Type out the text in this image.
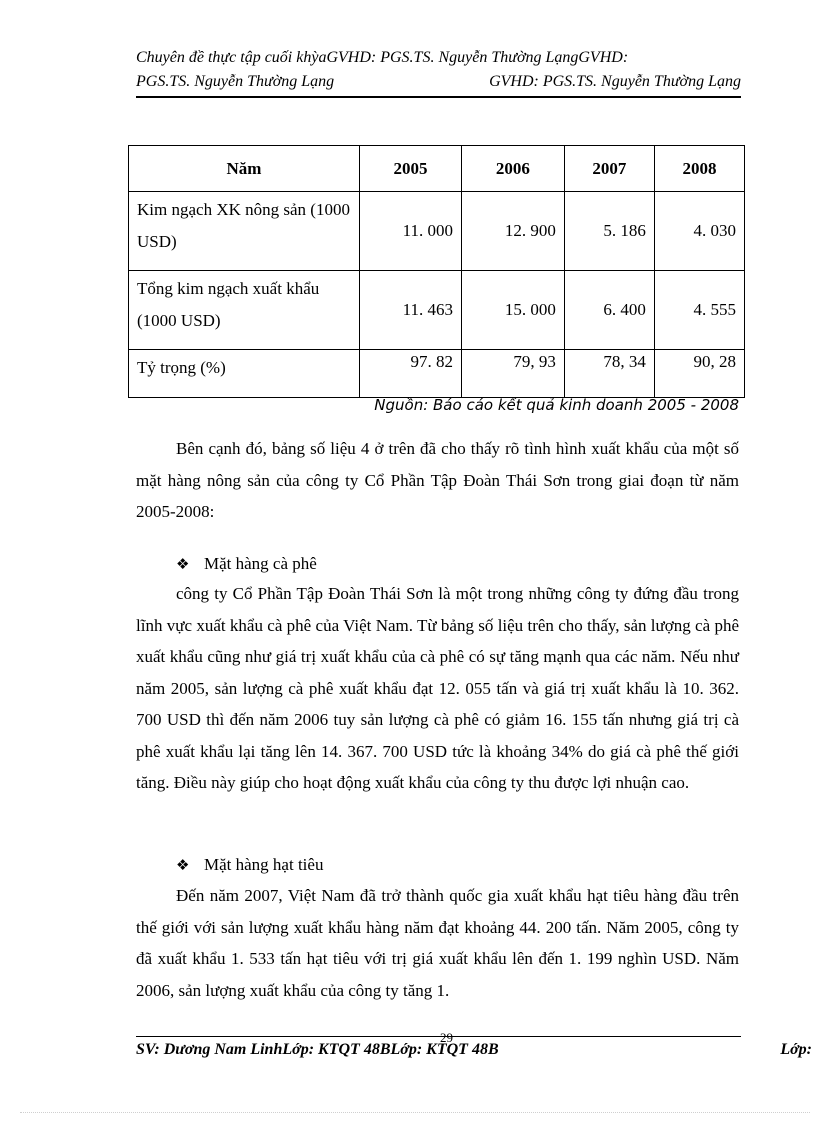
Chuyên đề thực tập cuối khỳaGVHD: PGS.TS. Nguyễn Thường LạngGVHD:
PGS.TS. Nguyễn Thường Lạng	GVHD: PGS.TS. Nguyễn Thường Lạng
Năm	2005	2006	2007	2008
Kim ngạch XK nông sản (1000 USD)	11. 000	12. 900	5. 186	4. 030
Tổng kim ngạch xuất khẩu (1000 USD)	11. 463	15. 000	6. 400	4. 555
Tỷ trọng (%)	97. 82	79, 93	78, 34	90, 28
Nguồn: Báo cáo kết quả kinh doanh 2005 - 2008
Bên cạnh đó, bảng số liệu 4 ở trên đã cho thấy rõ tình hình xuất khẩu của một số mặt hàng nông sản của công ty Cổ Phần Tập Đoàn Thái Sơn trong giai đoạn từ năm 2005-2008:
❖ Mặt hàng cà phê
công ty Cổ Phần Tập Đoàn Thái Sơn là một trong những công ty đứng đầu trong lĩnh vực xuất khẩu cà phê của Việt Nam. Từ bảng số liệu trên cho thấy, sản lượng cà phê xuất khẩu cũng như giá trị xuất khẩu của cà phê có sự tăng mạnh qua các năm. Nếu như năm 2005, sản lượng cà phê xuất khẩu đạt 12. 055 tấn và giá trị xuất khẩu là 10. 362. 700 USD thì đến năm 2006 tuy sản lượng cà phê có giảm 16. 155 tấn nhưng giá trị cà phê xuất khẩu lại tăng lên 14. 367. 700 USD tức là khoảng 34% do giá cà phê thế giới tăng. Điều này giúp cho hoạt động xuất khẩu của công ty thu được lợi nhuận cao.
❖ Mặt hàng hạt tiêu
Đến năm 2007, Việt Nam đã trở thành quốc gia xuất khẩu hạt tiêu hàng đầu trên thế giới với sản lượng xuất khẩu hàng năm đạt khoảng 44. 200 tấn. Năm 2005, công ty đã xuất khẩu 1. 533 tấn hạt tiêu với trị giá xuất khẩu lên đến 1. 199 nghìn USD. Năm 2006, sản lượng xuất khẩu của công ty tăng 1.
29
SV: Dương Nam LinhLớp: KTQT 48BLớp: KTQT 48B	Lớp:
